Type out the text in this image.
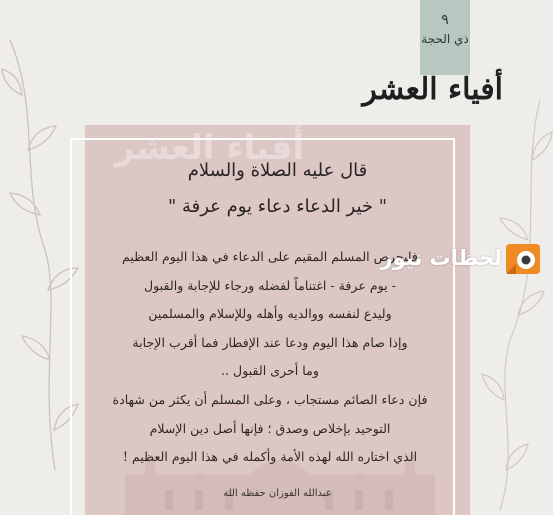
٩
ذي الحجة
أفياء العشر
أفياء العشر

قال عليه الصلاة والسلام

" خير الدعاء دعاء يوم عرفة "

فليحرص المسلم المقيم على الدعاء في هذا اليوم العظيم
- يوم عرفة - اغتناماً لفضله ورجاء للإجابة والقبول
وليدع لنفسه ووالديه وأهله وللإسلام والمسلمين
وإذا صام هذا اليوم ودعا عند الإفطار فما أقرب الإجابة
وما أحرى القبول ..
فإن دعاء الصائم مستجاب ، وعلى المسلم أن يكثر من شهادة
التوحيد بإخلاص وصدق ؛ فإنها أصل دين الإسلام
الذي اختاره الله لهذه الأمة وأكمله في هذا اليوم العظيم !
عبدالله الفوزان حفظه الله
لحظات نيوز
